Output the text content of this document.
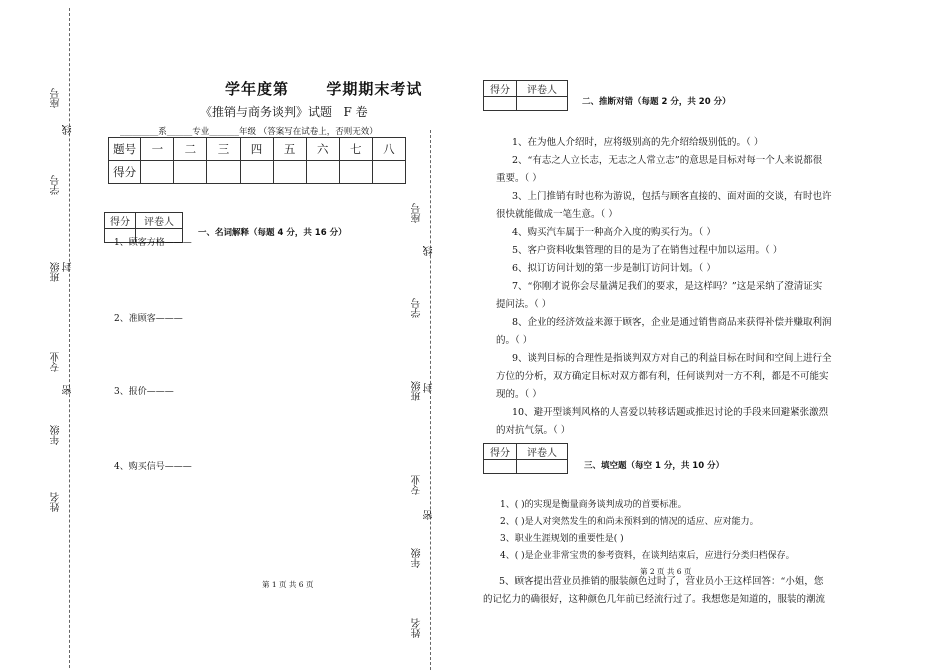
座号
线
学号
班级 封
专业
密
年级
姓名
学年度第      学期期末考试
《推销与商务谈判》试题   F 卷
_________系______专业_______年级 （答案写在试卷上，否则无效）
题号	一	二	三	四	五	六	七	八
得分								
得分	评卷人

一、名词解释（每题 4 分，共 16 分）
1、顾客方格———
2、准顾客———
3、报价———
4、购买信号———
第 1 页 共 6 页
座号
线
学号
班级 封
专业
密
年级
姓名
得分	评卷人

二、推断对错（每题 2 分，共 20 分）
1、在为他人介绍时，应将级别高的先介绍给级别低的。（ ）
2、“有志之人立长志，无志之人常立志”的意思是目标对每一个人来说都很
重要。（ ）
3、上门推销有时也称为游说，包括与顾客直接的、面对面的交谈，有时也许
很快就能做成一笔生意。（ ）
4、购买汽车属于一种高介入度的购买行为。（ ）
5、客户资料收集管理的目的是为了在销售过程中加以运用。（ ）
6、拟订访问计划的第一步是制订访问计划。（ ）
7、“你刚才说你会尽量满足我们的要求，是这样吗？”这是采纳了澄清证实
提问法。（ ）
8、企业的经济效益来源于顾客，企业是通过销售商品来获得补偿并赚取利润
的。（ ）
9、谈判目标的合理性是指谈判双方对自己的利益目标在时间和空间上进行全
方位的分析，双方确定目标对双方都有利，任何谈判对一方不利，都是不可能实
现的。（ ）
10、避开型谈判风格的人喜爱以转移话题或推迟讨论的手段来回避紧张激烈
的对抗气氛。（ ）
得分	评卷人

三、填空题（每空 1 分，共 10 分）
1、( )的实现是衡量商务谈判成功的首要标准。
2、( )是人对突然发生的和尚未预料到的情况的适应、应对能力。
3、职业生涯规划的重要性是( )
4、( )是企业非常宝贵的参考资料，在谈判结束后，应进行分类归档保存。
第 2 页 共 6 页
5、顾客提出营业员推销的服装颜色过时了，营业员小王这样回答：“小姐，您
的记忆力的确很好，这种颜色几年前已经流行过了。我想您是知道的，服装的潮流
